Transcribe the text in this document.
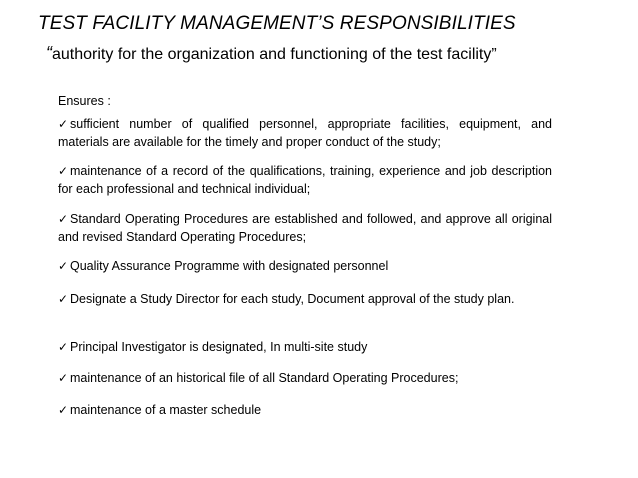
TEST FACILITY MANAGEMENT’S RESPONSIBILITIES
“authority for the organization and functioning of the test facility”
Ensures :
✓ sufficient number of qualified personnel, appropriate facilities, equipment, and materials are available for the timely and proper conduct of the study;
✓ maintenance of a record of the qualifications, training, experience and job description for each professional and technical individual;
✓ Standard Operating Procedures are established and followed, and approve all original and revised Standard Operating Procedures;
✓ Quality Assurance Programme with designated personnel
✓ Designate a Study Director for each study, Document approval of the study plan.
✓ Principal Investigator is designated, In multi-site study
✓ maintenance of an historical file of all Standard Operating Procedures;
✓ maintenance of a master schedule
